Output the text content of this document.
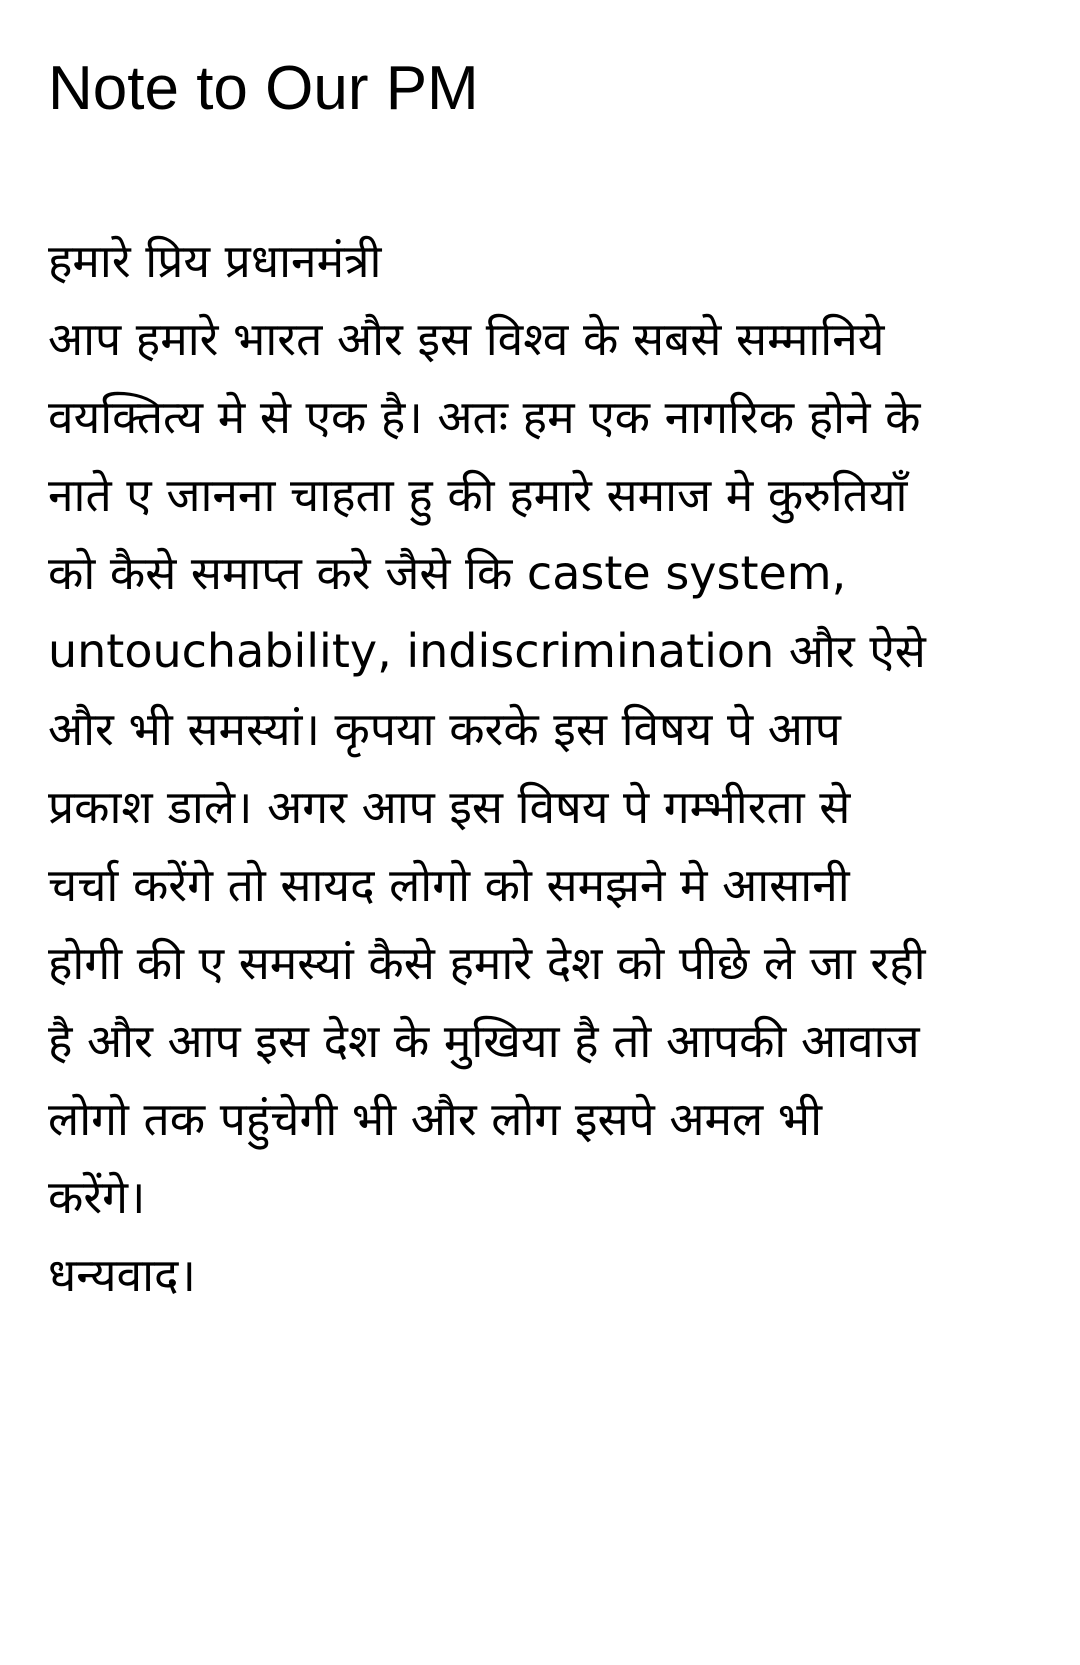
Note to Our PM
हमारे प्रिय प्रधानमंत्री
आप हमारे भारत और इस विश्व के सबसे सम्मानिये
वयक्तित्य मे से एक है। अतः हम एक नागरिक होने के
नाते ए जानना चाहता हु की हमारे समाज मे कुरुतियाँ
को कैसे समाप्त करे जैसे कि caste system,
untouchability, indiscrimination और ऐसे
और भी समस्यां। कृपया करके इस विषय पे आप
प्रकाश डाले। अगर आप इस विषय पे गम्भीरता से
चर्चा करेंगे तो सायद लोगो को समझने मे आसानी
होगी की ए समस्यां कैसे हमारे देश को पीछे ले जा रही
है और आप इस देश के मुखिया है तो आपकी आवाज
लोगो तक पहुंचेगी भी और लोग इसपे अमल भी
करेंगे।
धन्यवाद।
